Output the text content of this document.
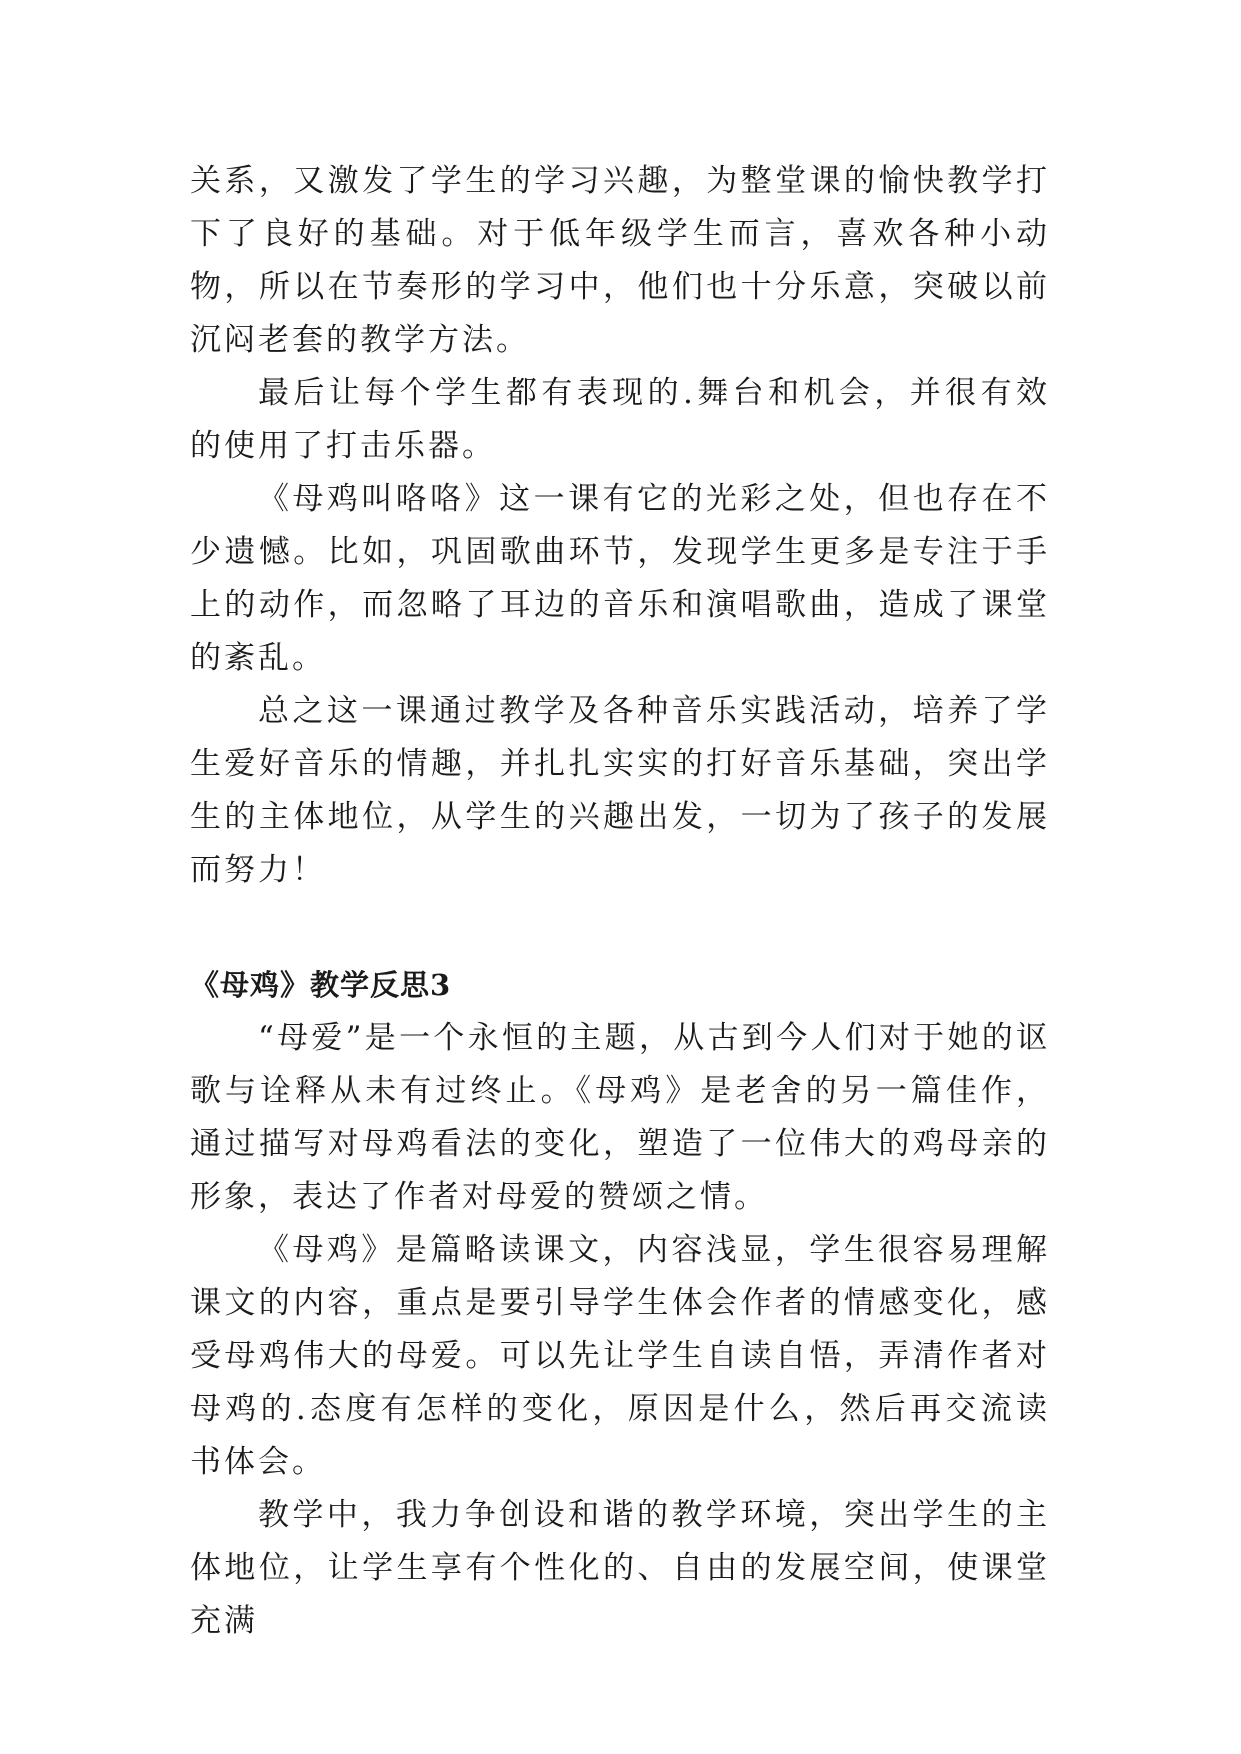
关系，又激发了学生的学习兴趣，为整堂课的愉快教学打下了良好的基础。对于低年级学生而言，喜欢各种小动物，所以在节奏形的学习中，他们也十分乐意，突破以前沉闷老套的教学方法。

最后让每个学生都有表现的.舞台和机会，并很有效的使用了打击乐器。

《母鸡叫咯咯》这一课有它的光彩之处，但也存在不少遗憾。比如，巩固歌曲环节，发现学生更多是专注于手上的动作，而忽略了耳边的音乐和演唱歌曲，造成了课堂的紊乱。

总之这一课通过教学及各种音乐实践活动，培养了学生爱好音乐的情趣，并扎扎实实的打好音乐基础，突出学生的主体地位，从学生的兴趣出发，一切为了孩子的发展而努力！

《母鸡》教学反思3

“母爱”是一个永恒的主题，从古到今人们对于她的讴歌与诠释从未有过终止。《母鸡》是老舍的另一篇佳作，通过描写对母鸡看法的变化，塑造了一位伟大的鸡母亲的形象，表达了作者对母爱的赞颂之情。

《母鸡》是篇略读课文，内容浅显，学生很容易理解课文的内容，重点是要引导学生体会作者的情感变化，感受母鸡伟大的母爱。可以先让学生自读自悟，弄清作者对母鸡的.态度有怎样的变化，原因是什么，然后再交流读书体会。

教学中，我力争创设和谐的教学环境，突出学生的主体地位，让学生享有个性化的、自由的发展空间，使课堂充满
